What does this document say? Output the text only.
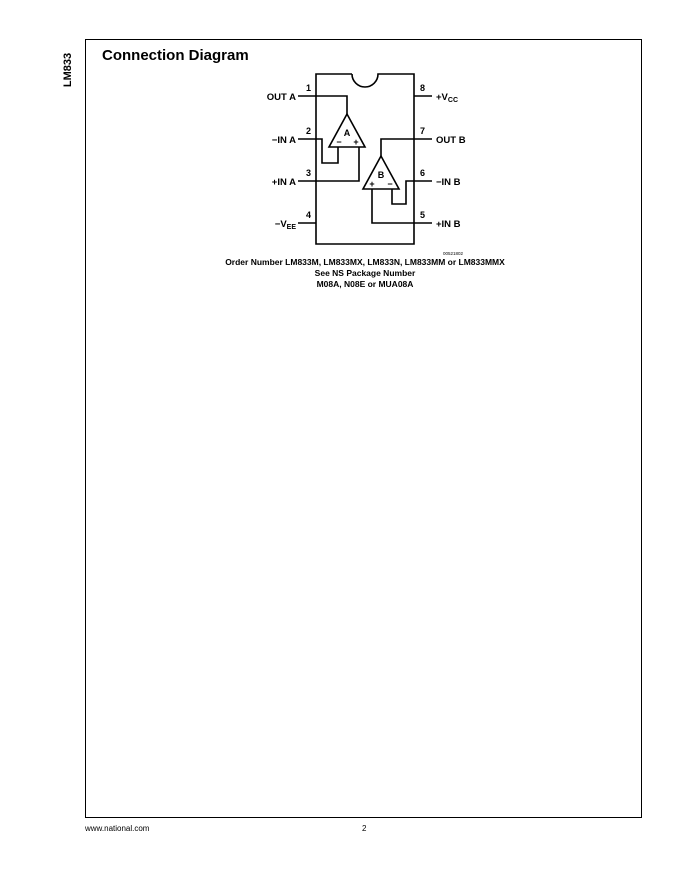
LM833 Connection Diagram
OUT A
−IN A
+IN A
$-V_{EE}$
$+V_{CC}$
OUT B
−IN B
+IN B
1
2
3
4
8
7
6
5
A
− +
B
+ −
00521802
Order Number LM833M, LM833MX, LM833N, LM833MM or LM833MMX
See NS Package Number
M08A, N08E or MUA08A
www.national.com	2
